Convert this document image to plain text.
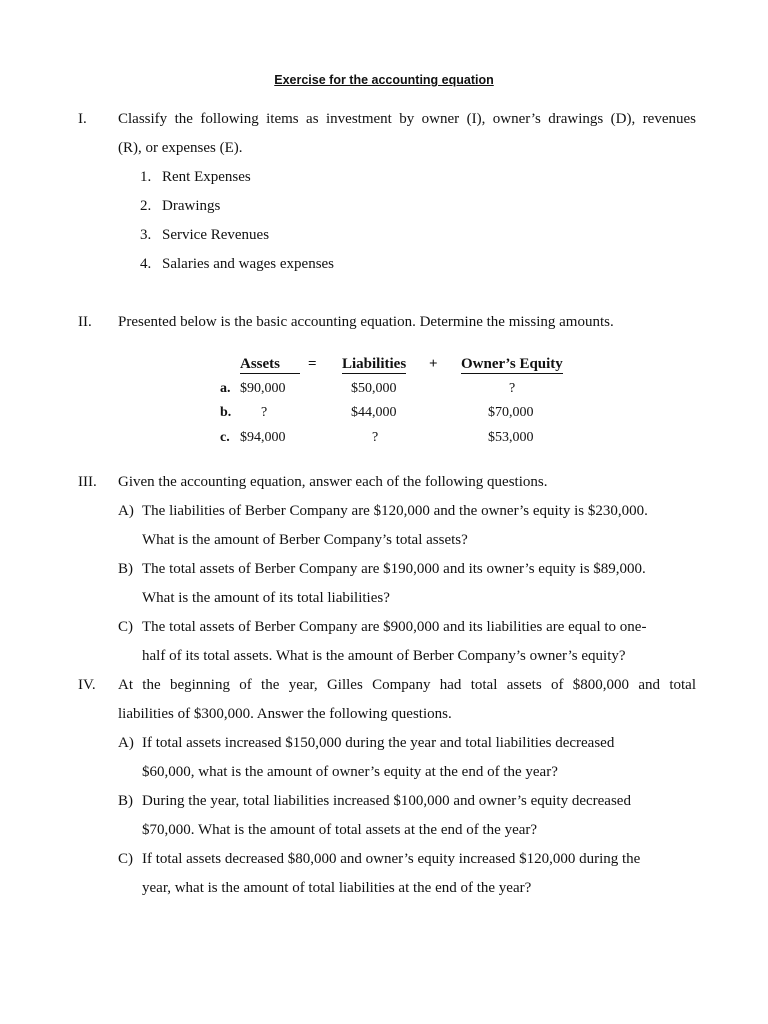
Exercise for the accounting equation
I.	Classify the following items as investment by owner (I), owner’s drawings (D), revenues
(R), or expenses (E).
1. Rent Expenses
2. Drawings
3. Service Revenues
4. Salaries and wages expenses
II.	Presented below is the basic accounting equation. Determine the missing amounts.
Assets	= Liabilities + Owner’s Equity
a. $90,000	$50,000	?
b. ?	$44,000	$70,000
c. $94,000	?	$53,000
III.	Given the accounting equation, answer each of the following questions.
A) The liabilities of Berber Company are $120,000 and the owner’s equity is $230,000.
What is the amount of Berber Company’s total assets?
B) The total assets of Berber Company are $190,000 and its owner’s equity is $89,000.
What is the amount of its total liabilities?
C) The total assets of Berber Company are $900,000 and its liabilities are equal to one-
half of its total assets. What is the amount of Berber Company’s owner’s equity?
IV.	At the beginning of the year, Gilles Company had total assets of $800,000 and total
liabilities of $300,000. Answer the following questions.
A) If total assets increased $150,000 during the year and total liabilities decreased
$60,000, what is the amount of owner’s equity at the end of the year?
B) During the year, total liabilities increased $100,000 and owner’s equity decreased
$70,000. What is the amount of total assets at the end of the year?
C) If total assets decreased $80,000 and owner’s equity increased $120,000 during the
year, what is the amount of total liabilities at the end of the year?
